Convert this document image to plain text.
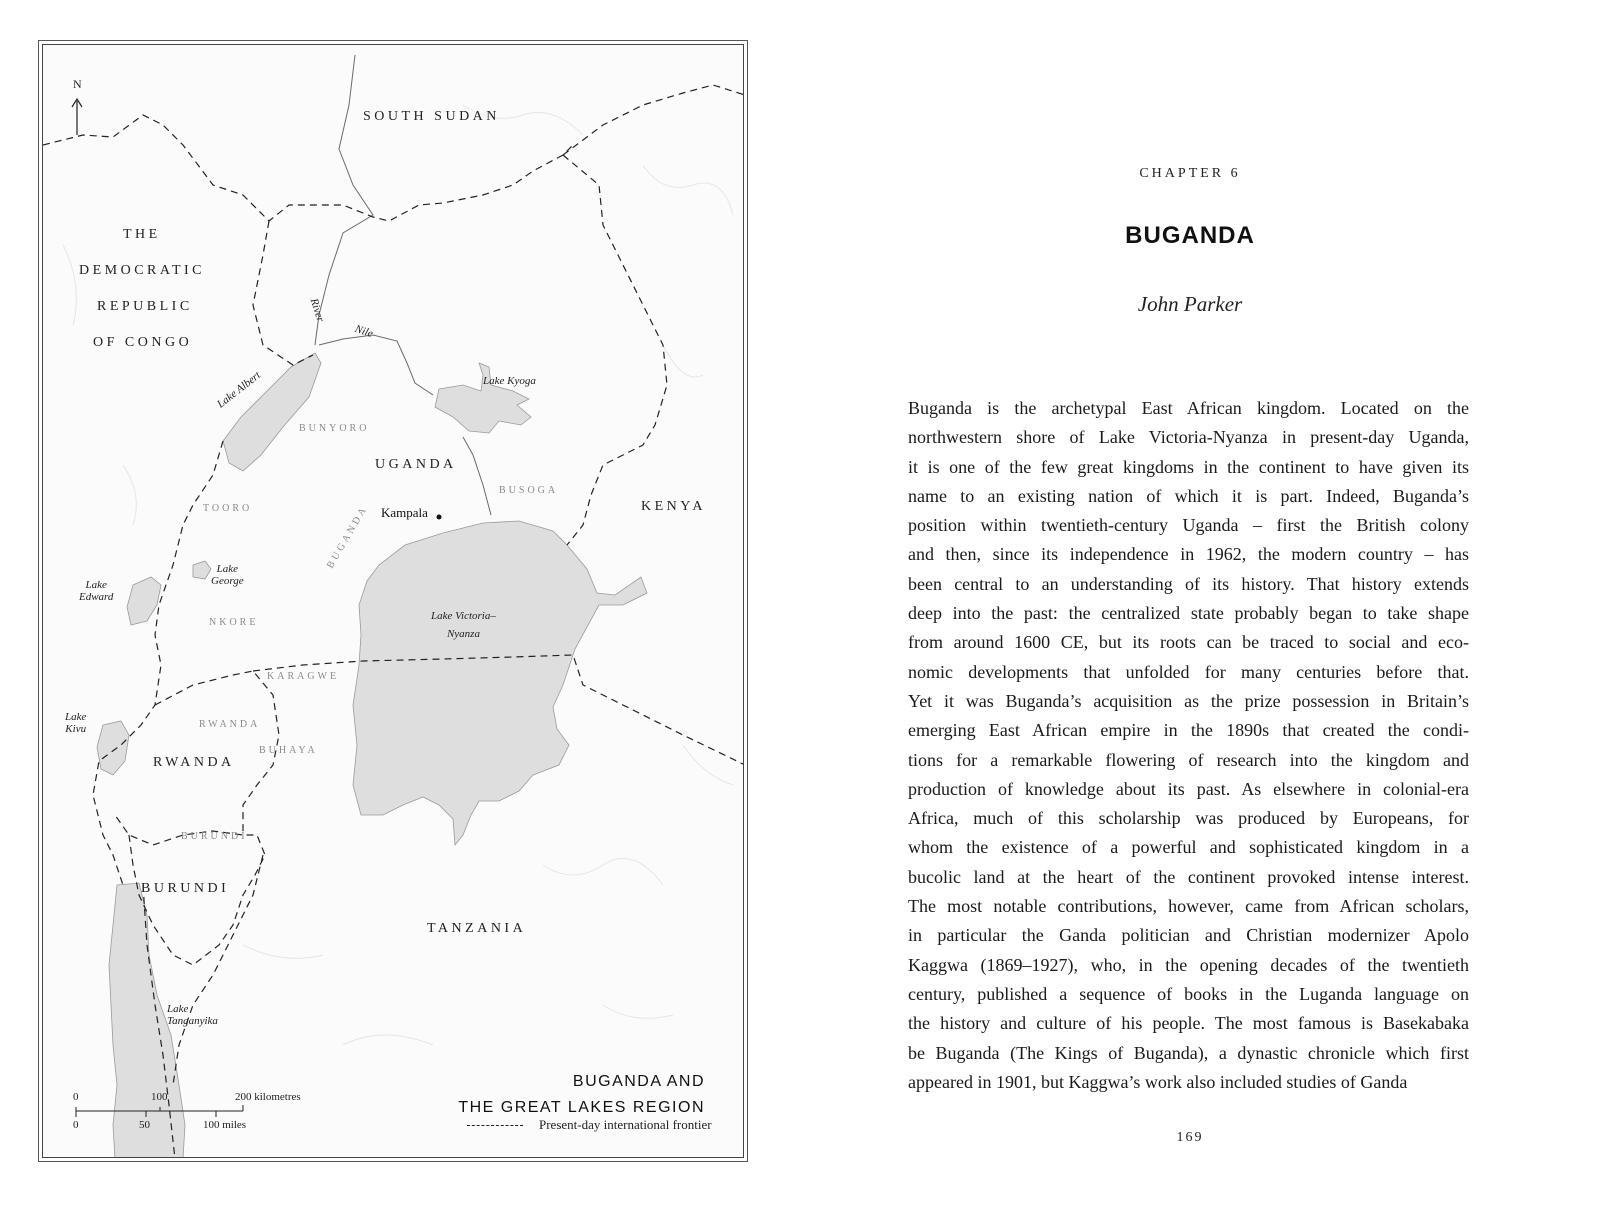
N
SOUTH SUDAN
THE
DEMOCRATIC
REPUBLIC
OF CONGO
UGANDA
KENYA
RWANDA
BURUNDI
TANZANIA
BUNYORO
BUSOGA
TOORO	BUGANDA
NKORE
KARAGWE
RWANDA
BUHAYA
BURUNDI
Lake Albert	Lake Kyoga
Lake
Edward
Lake
George
Lake Victoria–
Nyanza
Lake
Kivu
Lake
Tanganyika
River
Nile
Kampala
BUGANDA AND
THE GREAT LAKES REGION
Present-day international frontier
0	100	200 kilometres
0	50	100 miles
CHAPTER 6
BUGANDA
John Parker
Buganda is the archetypal East African kingdom. Located on the
northwestern shore of Lake Victoria-Nyanza in present-day Uganda,
it is one of the few great kingdoms in the continent to have given its
name to an existing nation of which it is part. Indeed, Buganda’s
position within twentieth-century Uganda – first the British colony
and then, since its independence in 1962, the modern country – has
been central to an understanding of its history. That history extends
deep into the past: the centralized state probably began to take shape
from around 1600 CE, but its roots can be traced to social and eco-
nomic developments that unfolded for many centuries before that.
Yet it was Buganda’s acquisition as the prize possession in Britain’s
emerging East African empire in the 1890s that created the condi-
tions for a remarkable flowering of research into the kingdom and
production of knowledge about its past. As elsewhere in colonial-era
Africa, much of this scholarship was produced by Europeans, for
whom the existence of a powerful and sophisticated kingdom in a
bucolic land at the heart of the continent provoked intense interest.
The most notable contributions, however, came from African scholars,
in particular the Ganda politician and Christian modernizer Apolo
Kaggwa (1869–1927), who, in the opening decades of the twentieth
century, published a sequence of books in the Luganda language on
the history and culture of his people. The most famous is Basekabaka
be Buganda (The Kings of Buganda), a dynastic chronicle which first
appeared in 1901, but Kaggwa’s work also included studies of Ganda
169
